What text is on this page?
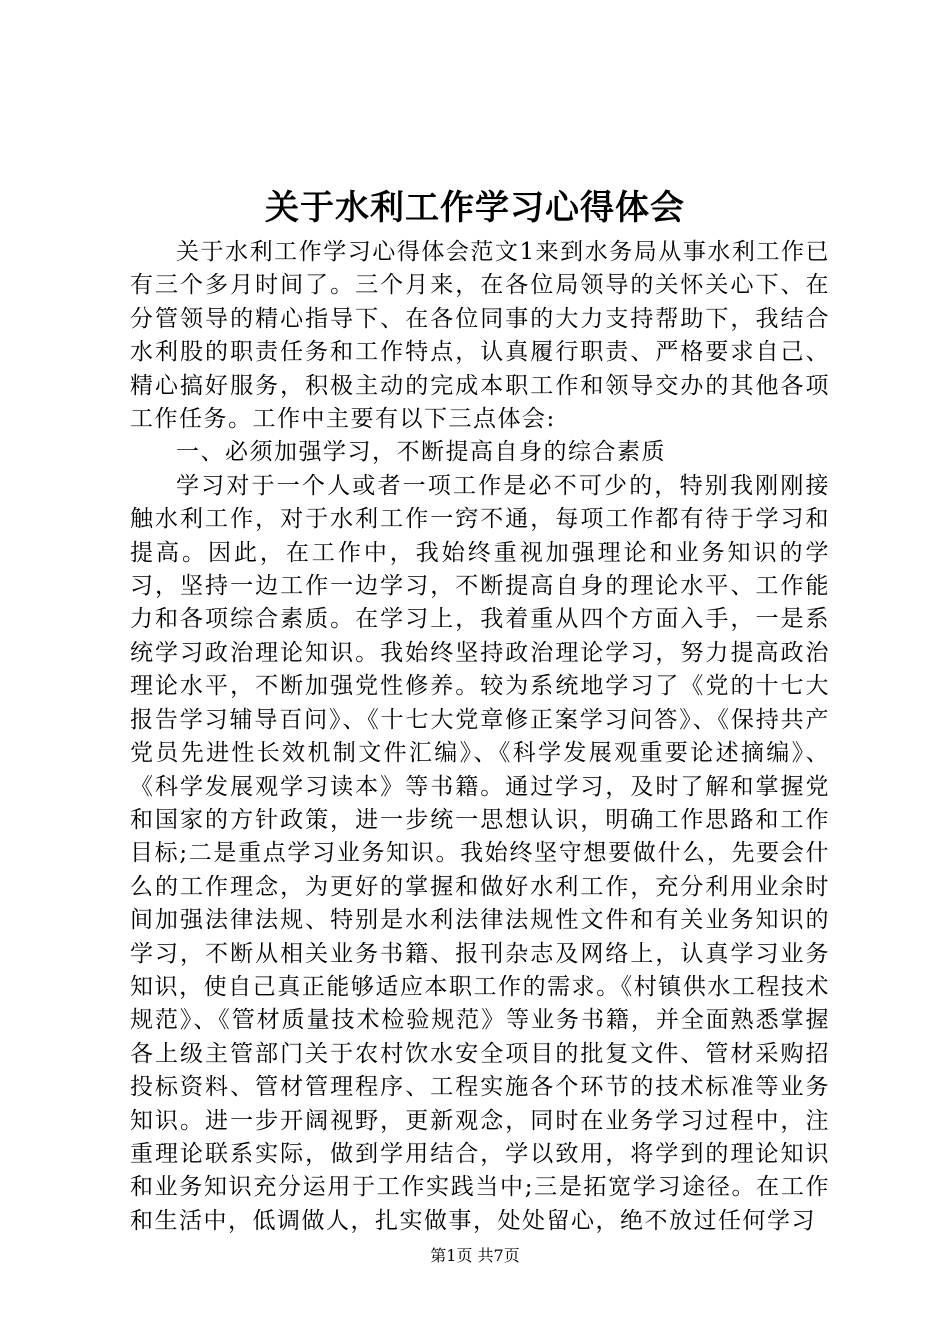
关于水利工作学习心得体会

关于水利工作学习心得体会范文1来到水务局从事水利工作已有三个多月时间了。三个月来，在各位局领导的关怀关心下、在分管领导的精心指导下、在各位同事的大力支持帮助下，我结合水利股的职责任务和工作特点，认真履行职责、严格要求自己、精心搞好服务，积极主动的完成本职工作和领导交办的其他各项工作任务。工作中主要有以下三点体会:

一、必须加强学习，不断提高自身的综合素质

学习对于一个人或者一项工作是必不可少的，特别我刚刚接触水利工作，对于水利工作一窍不通，每项工作都有待于学习和提高。因此，在工作中，我始终重视加强理论和业务知识的学习，坚持一边工作一边学习，不断提高自身的理论水平、工作能力和各项综合素质。在学习上，我着重从四个方面入手，一是系统学习政治理论知识。我始终坚持政治理论学习，努力提高政治理论水平，不断加强党性修养。较为系统地学习了《党的十七大报告学习辅导百问》、《十七大党章修正案学习问答》、《保持共产党员先进性长效机制文件汇编》、《科学发展观重要论述摘编》、《科学发展观学习读本》等书籍。通过学习，及时了解和掌握党和国家的方针政策，进一步统一思想认识，明确工作思路和工作目标;二是重点学习业务知识。我始终坚守想要做什么，先要会什么的工作理念，为更好的掌握和做好水利工作，充分利用业余时间加强法律法规、特别是水利法律法规性文件和有关业务知识的学习，不断从相关业务书籍、报刊杂志及网络上，认真学习业务知识，使自己真正能够适应本职工作的需求。《村镇供水工程技术规范》、《管材质量技术检验规范》等业务书籍，并全面熟悉掌握各上级主管部门关于农村饮水安全项目的批复文件、管材采购招投标资料、管材管理程序、工程实施各个环节的技术标准等业务知识。进一步开阔视野，更新观念，同时在业务学习过程中，注重理论联系实际，做到学用结合，学以致用，将学到的理论知识和业务知识充分运用于工作实践当中;三是拓宽学习途径。在工作和生活中，低调做人，扎实做事，处处留心，绝不放过任何学习

第1页 共7页
